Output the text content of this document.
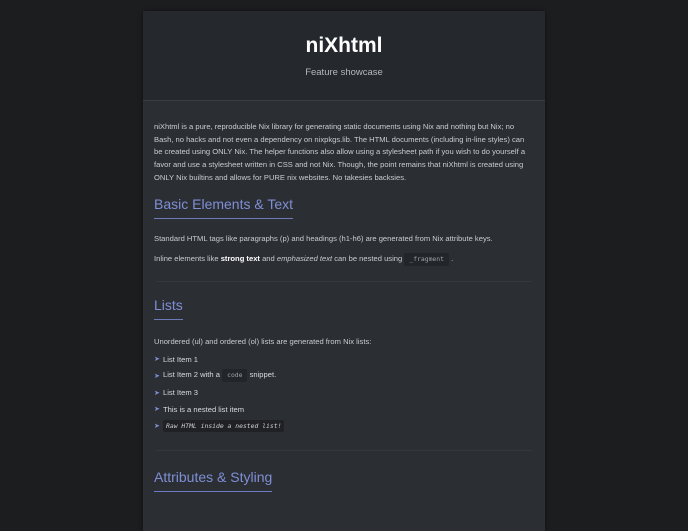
niXhtml

Feature showcase

niXhtml is a pure, reproducible Nix library for generating static documents using Nix and nothing but Nix; no Bash, no hacks and not even a dependency on nixpkgs.lib. The HTML documents (including in-line styles) can be created using ONLY Nix. The helper functions also allow using a stylesheet path if you wish to do yourself a favor and use a stylesheet written in CSS and not Nix. Though, the point remains that niXhtml is created using ONLY Nix builtins and allows for PURE nix websites. No takesies backsies.

Basic Elements & Text

Standard HTML tags like paragraphs (p) and headings (h1-h6) are generated from Nix attribute keys.

Inline elements like strong text and emphasized text can be nested using _fragment .

Lists

Unordered (ul) and ordered (ol) lists are generated from Nix lists:

➤ List Item 1
➤ List Item 2 with a code snippet.
➤ List Item 3
➤ This is a nested list item
➤ Raw HTML inside a nested list!
Attributes & Styling
